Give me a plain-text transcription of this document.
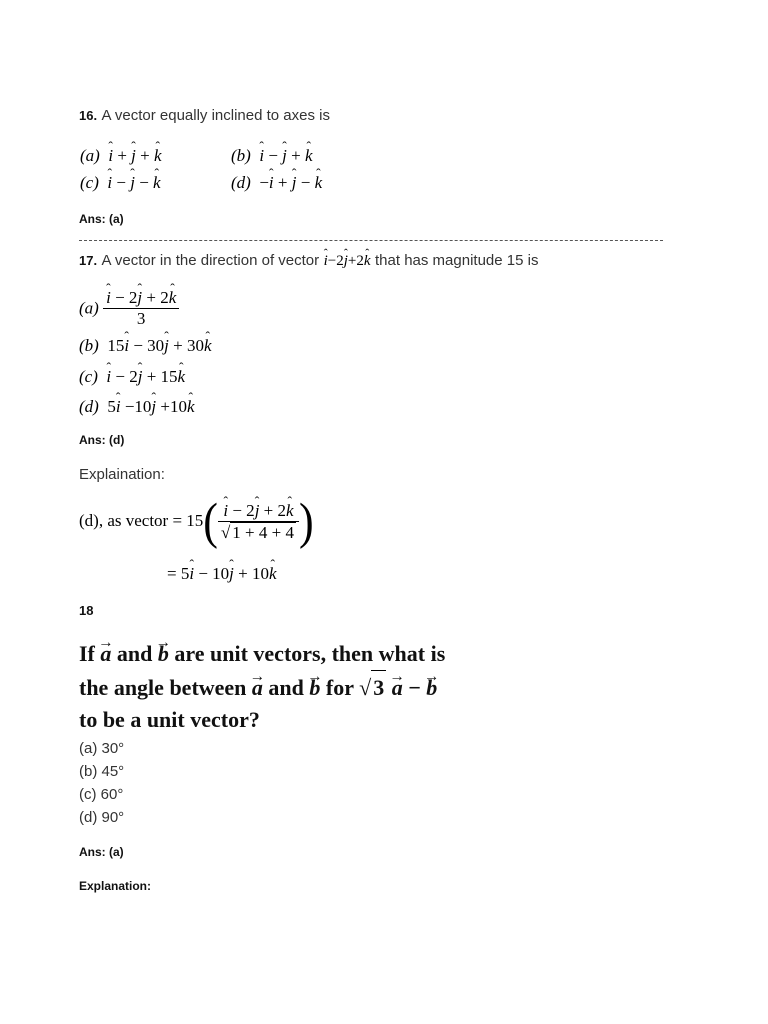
16. A vector equally inclined to axes is
(a) i ˆ + j ˆ + k ˆ	(b) i ˆ − j ˆ + k ˆ
(c) i ˆ − j ˆ − k ˆ	(d)  −i ˆ + j ˆ − k ˆ
Ans: (a)
17. A vector in the direction of vector i ˆ−2j ˆ+2k ˆ that has magnitude 15 is
$(a) \frac{\text{i ˆ − 2j ˆ + 2k ˆ}}{3}$
(b)  15i ˆ − 30j ˆ + 30k ˆ
(c) i ˆ − 2j ˆ + 15k ˆ
(d)  5i ˆ −10j ˆ +10k ˆ
Ans: (d)
Explaination:
(d), as vector = $15( \frac{\text{i ˆ − 2j ˆ + 2k ˆ}}{√ 1 + 4 + 4}$ )
= 5i ˆ − 10j ˆ + 10k ˆ
18
If a → and b → are unit vectors, then what is
the angle between a → and b → for √3 a → − b →
to be a unit vector?
(a) 30°
(b) 45°
(c) 60°
(d) 90°
Ans: (a)
Explanation:
